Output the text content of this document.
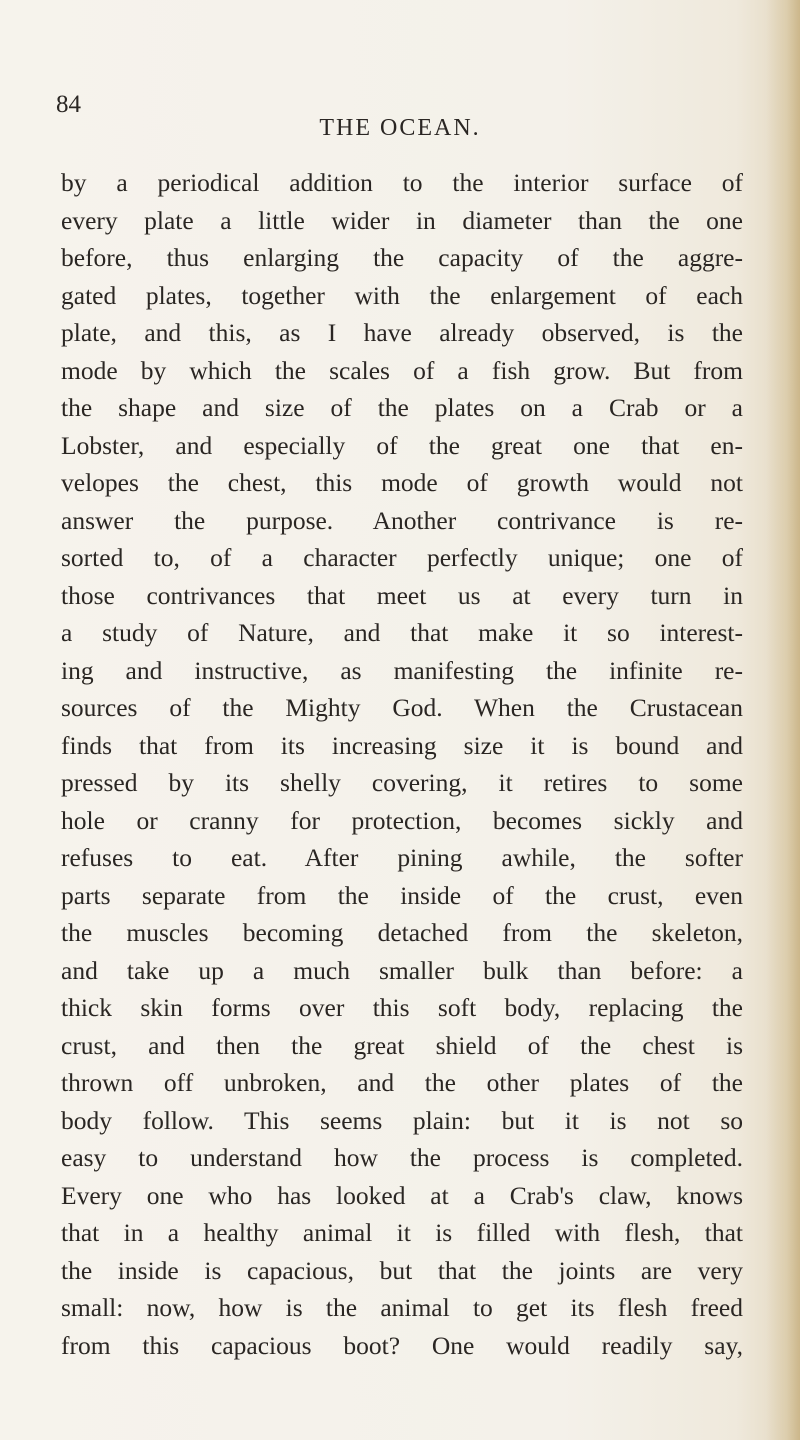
84
THE OCEAN.
by a periodical addition to the interior surface of
every plate a little wider in diameter than the one
before, thus enlarging the capacity of the aggre-
gated plates, together with the enlargement of each
plate, and this, as I have already observed, is the
mode by which the scales of a fish grow. But from
the shape and size of the plates on a Crab or a
Lobster, and especially of the great one that en-
velopes the chest, this mode of growth would not
answer the purpose. Another contrivance is re-
sorted to, of a character perfectly unique; one of
those contrivances that meet us at every turn in
a study of Nature, and that make it so interest-
ing and instructive, as manifesting the infinite re-
sources of the Mighty God. When the Crustacean
finds that from its increasing size it is bound and
pressed by its shelly covering, it retires to some
hole or cranny for protection, becomes sickly and
refuses to eat. After pining awhile, the softer
parts separate from the inside of the crust, even
the muscles becoming detached from the skeleton,
and take up a much smaller bulk than before: a
thick skin forms over this soft body, replacing the
crust, and then the great shield of the chest is
thrown off unbroken, and the other plates of the
body follow. This seems plain: but it is not so
easy to understand how the process is completed.
Every one who has looked at a Crab's claw, knows
that in a healthy animal it is filled with flesh, that
the inside is capacious, but that the joints are very
small: now, how is the animal to get its flesh freed
from this capacious boot? One would readily say,
